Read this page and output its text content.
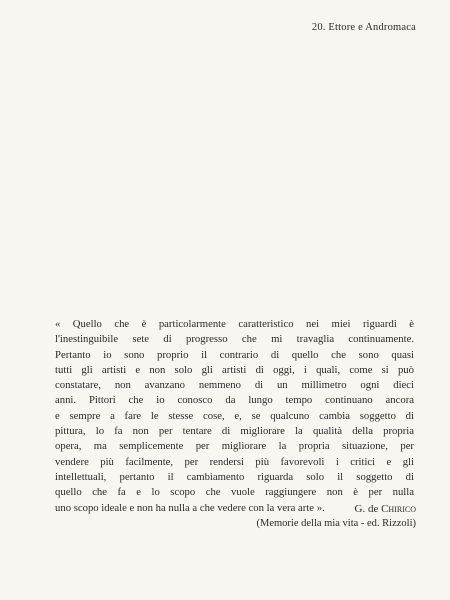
20. Ettore e Andromaca
« Quello che è particolarmente caratteristico nei miei riguardi è
l'inestinguibile sete di progresso che mi travaglia continuamente.
Pertanto io sono proprio il contrario di quello che sono quasi
tutti gli artisti e non solo gli artisti di oggi, i quali, come si può
constatare, non avanzano nemmeno di un millimetro ogni dieci
anni. Pittori che io conosco da lungo tempo continuano ancora
e sempre a fare le stesse cose, e, se qualcuno cambia soggetto di
pittura, lo fa non per tentare di migliorare la qualità della propria
opera, ma semplicemente per migliorare la propria situazione, per
vendere più facilmente, per rendersi più favorevoli i critici e gli
intellettuali, pertanto il cambiamento riguarda solo il soggetto di
quello che fa e lo scopo che vuole raggiungere non è per nulla
uno scopo ideale e non ha nulla a che vedere con la vera arte ».	G. de Chirico
(Memorie della mia vita - ed. Rizzoli)
